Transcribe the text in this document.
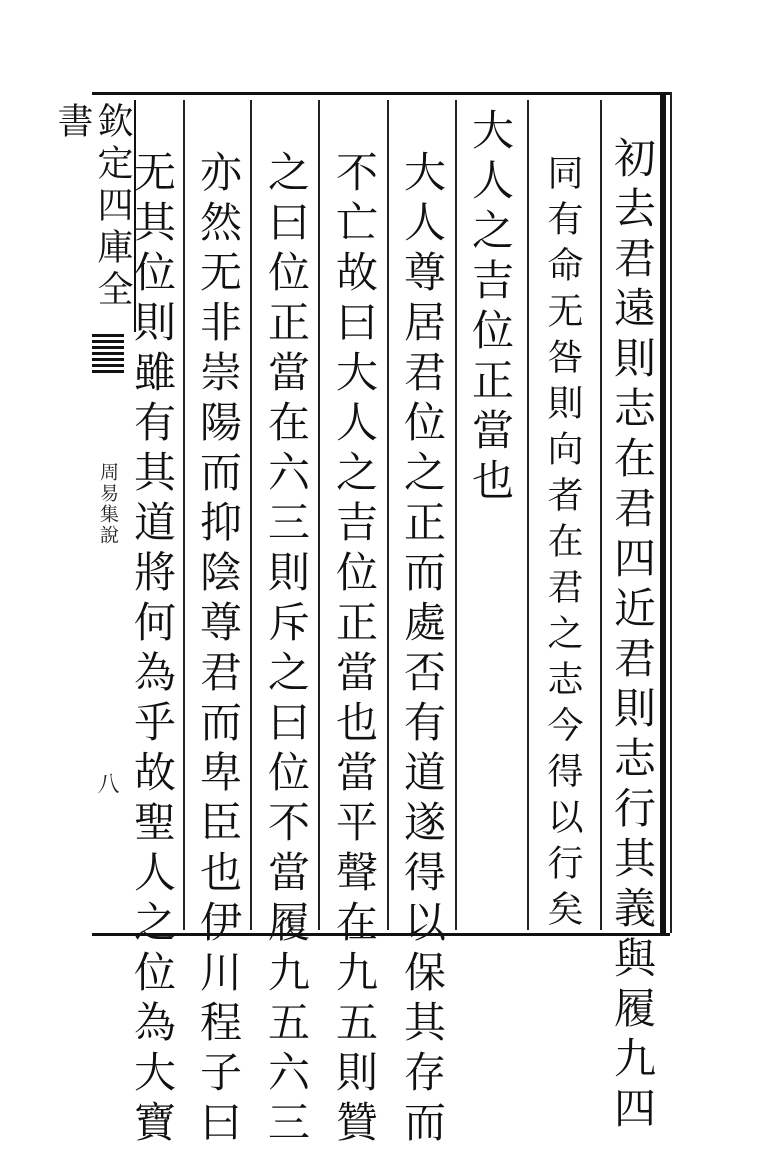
初去君遠則志在君四近君則志行其義與履九四
同有命无咎則向者在君之志今得以行矣
大人之吉位正當也
大人尊居君位之正而處否有道遂得以保其存而
不亡故曰大人之吉位正當也當平聲在九五則贊
之曰位正當在六三則斥之曰位不當履九五六三
亦然无非崇陽而抑陰尊君而卑臣也伊川程子曰
无其位則雖有其道將何為乎故聖人之位為大寶
欽定四庫全書
周易集說
八
